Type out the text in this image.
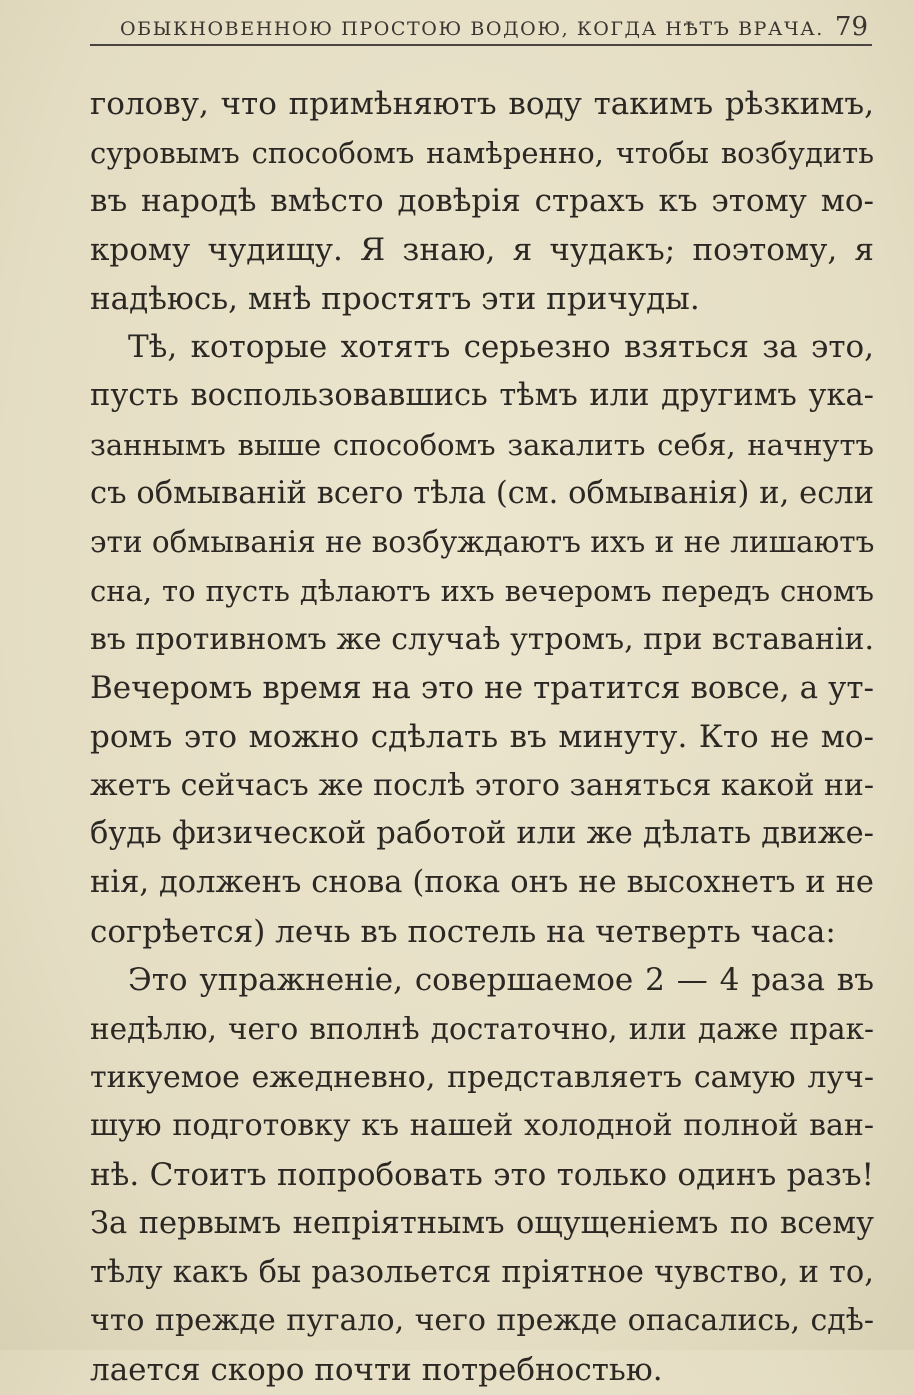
ОБЫКНОВЕННОЮ ПРОСТОЮ ВОДОЮ, КОГДА НѢТЪ ВРАЧА. 79
голову, что примѣняютъ воду такимъ рѣзкимъ,
суровымъ способомъ намѣренно, чтобы возбудить
въ народѣ вмѣсто довѣрія страхъ къ этому мо-
крому чудищу. Я знаю, я чудакъ; поэтому, я
надѣюсь, мнѣ простятъ эти причуды.
Тѣ, которые хотятъ серьезно взяться за это,
пусть воспользовавшись тѣмъ или другимъ ука-
заннымъ выше способомъ закалить себя, начнутъ
съ обмываній всего тѣла (см. обмыванія) и, если
эти обмыванія не возбуждаютъ ихъ и не лишаютъ
сна, то пусть дѣлаютъ ихъ вечеромъ передъ сномъ
въ противномъ же случаѣ утромъ, при вставаніи.
Вечеромъ время на это не тратится вовсе, а ут-
ромъ это можно сдѣлать въ минуту. Кто не мо-
жетъ сейчасъ же послѣ этого заняться какой ни-
будь физической работой или же дѣлать движе-
нія, долженъ снова (пока онъ не высохнетъ и не
согрѣется) лечь въ постель на четверть часа:
Это упражненіе, совершаемое 2 — 4 раза въ
недѣлю, чего вполнѣ достаточно, или даже прак-
тикуемое ежедневно, представляетъ самую луч-
шую подготовку къ нашей холодной полной ван-
нѣ. Стоитъ попробовать это только одинъ разъ!
За первымъ непріятнымъ ощущеніемъ по всему
тѣлу какъ бы разольется пріятное чувство, и то,
что прежде пугало, чего прежде опасались, сдѣ-
лается скоро почти потребностью.
